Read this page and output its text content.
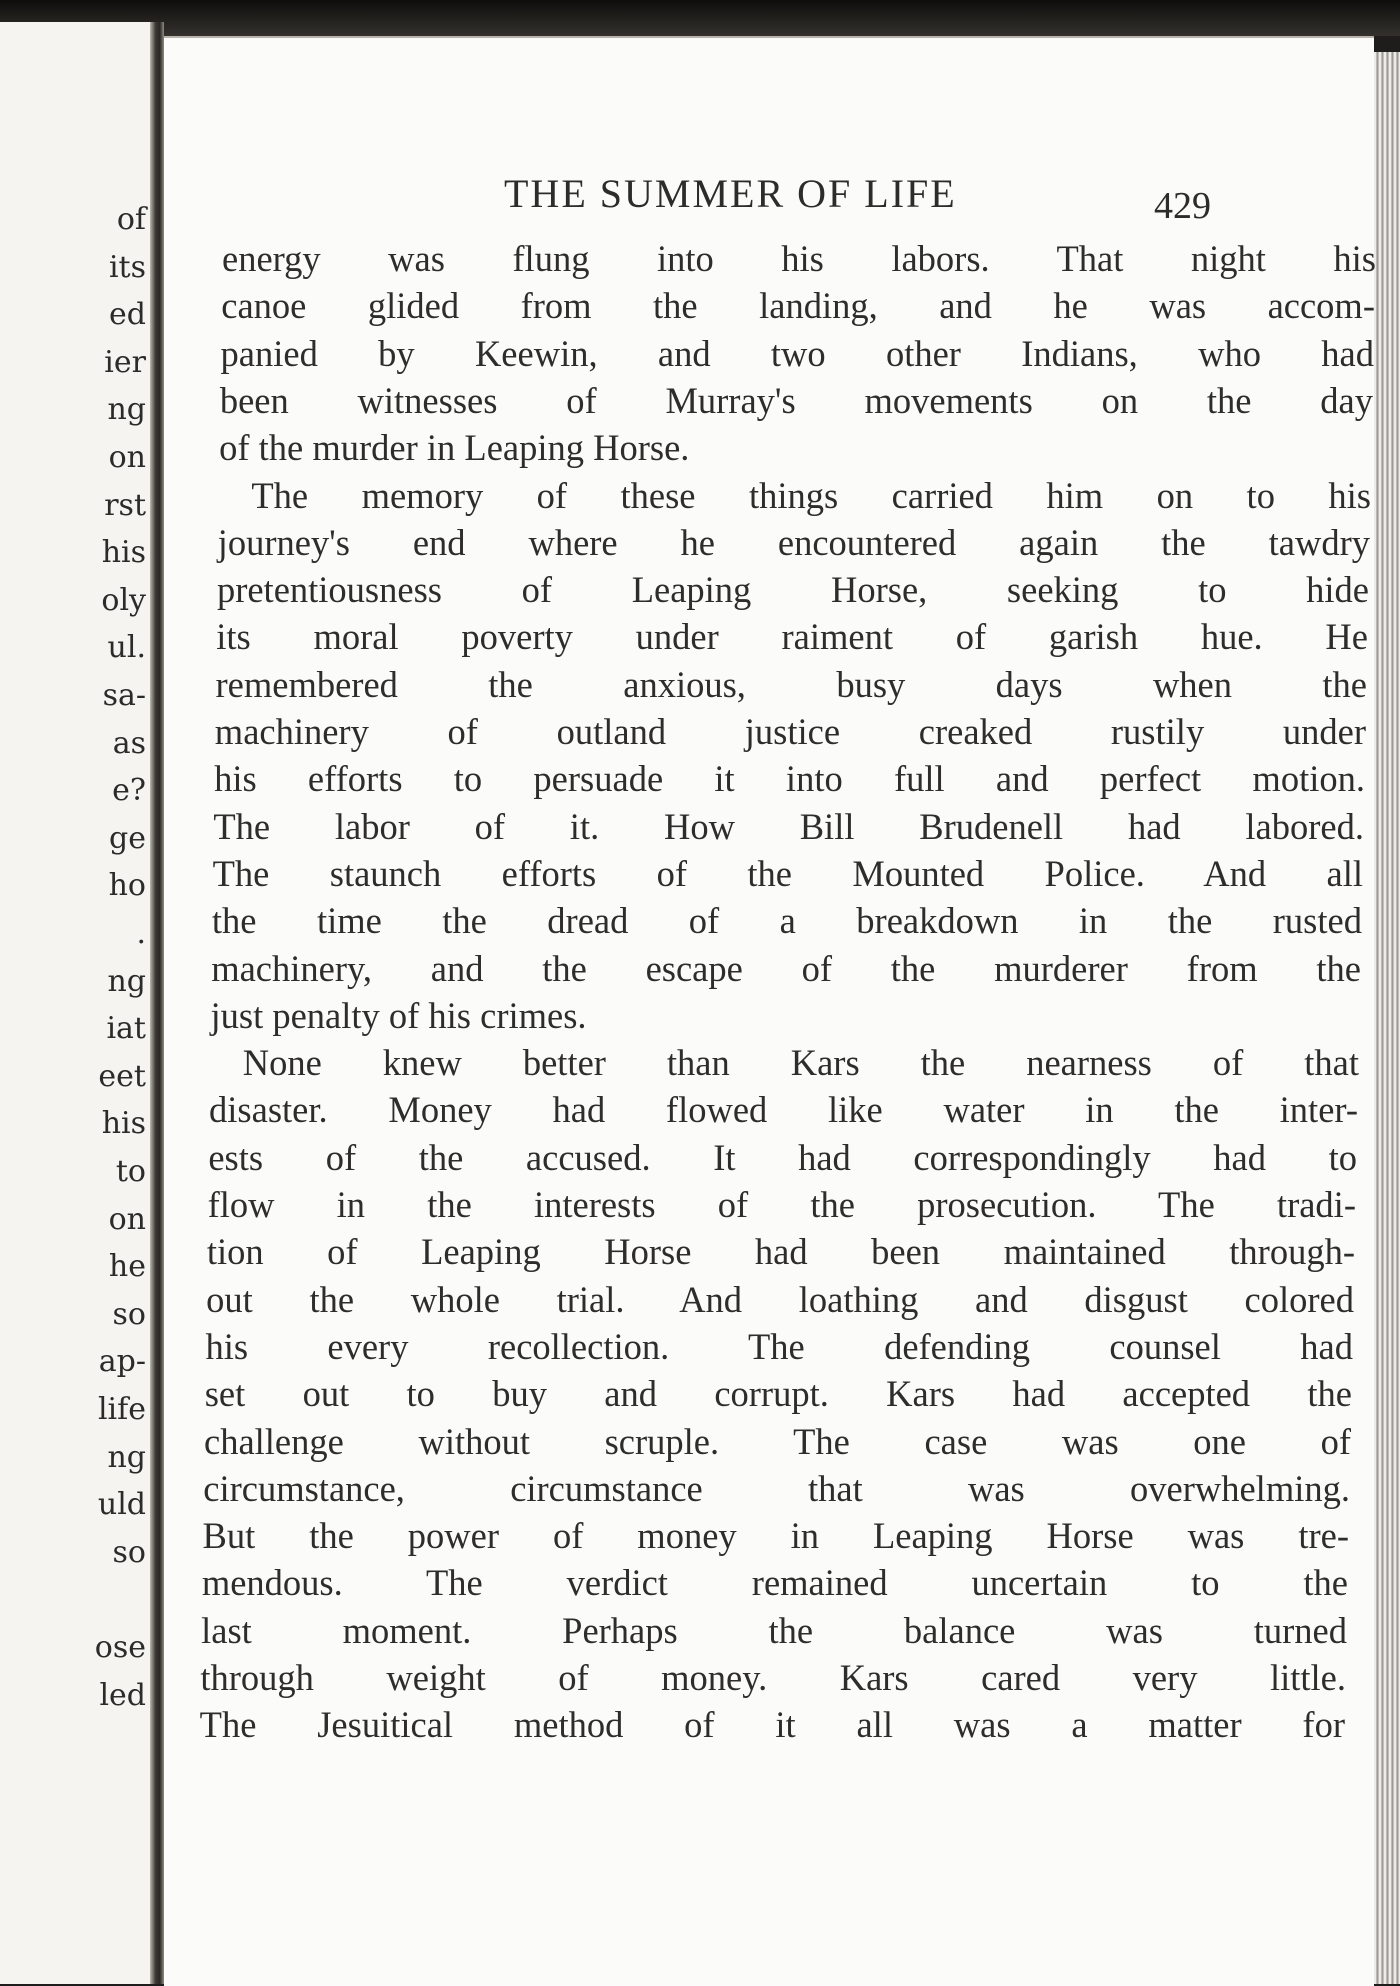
of
its
ed
ier
ng
on
rst
his
oly
ul.
sa-
as
e?
ge
ho
.
ng
iat
eet
his
to
on
he
so
ap-
life
ng
uld
so
ose
led
THE SUMMER OF LIFE	429
energy was flung into his labors. That night his
canoe glided from the landing, and he was accom-
panied by Keewin, and two other Indians, who had
been witnesses of Murray's movements on the day
of the murder in Leaping Horse.
The memory of these things carried him on to his
journey's end where he encountered again the tawdry
pretentiousness of Leaping Horse, seeking to hide
its moral poverty under raiment of garish hue. He
remembered the anxious, busy days when the
machinery of outland justice creaked rustily under
his efforts to persuade it into full and perfect motion.
The labor of it. How Bill Brudenell had labored.
The staunch efforts of the Mounted Police. And all
the time the dread of a breakdown in the rusted
machinery, and the escape of the murderer from the
just penalty of his crimes.
None knew better than Kars the nearness of that
disaster. Money had flowed like water in the inter-
ests of the accused. It had correspondingly had to
flow in the interests of the prosecution. The tradi-
tion of Leaping Horse had been maintained through-
out the whole trial. And loathing and disgust colored
his every recollection. The defending counsel had
set out to buy and corrupt. Kars had accepted the
challenge without scruple. The case was one of
circumstance, circumstance that was overwhelming.
But the power of money in Leaping Horse was tre-
mendous. The verdict remained uncertain to the
last moment. Perhaps the balance was turned
through weight of money. Kars cared very little.
The Jesuitical method of it all was a matter for
